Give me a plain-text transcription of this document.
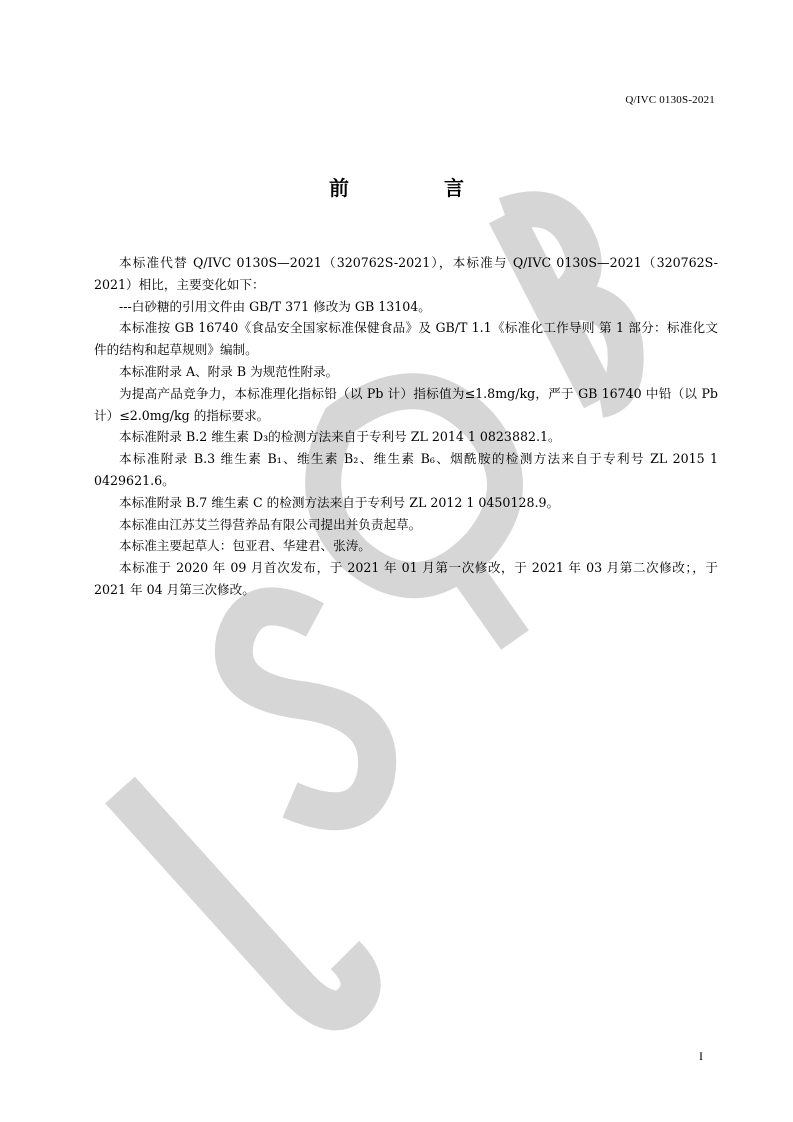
Q/IVC 0130S-2021
前 言

本标准代替 Q/IVC 0130S—2021（320762S-2021），本标准与 Q/IVC 0130S—2021（320762S-2021）相比，主要变化如下：

---白砂糖的引用文件由 GB/T 371 修改为 GB 13104。

本标准按 GB 16740《食品安全国家标准保健食品》及 GB/T 1.1《标准化工作导则 第 1 部分：标准化文件的结构和起草规则》编制。

本标准附录 A、附录 B 为规范性附录。

为提高产品竞争力，本标准理化指标铅（以 Pb 计）指标值为≤1.8mg/kg，严于 GB 16740 中铅（以 Pb 计）≤2.0mg/kg 的指标要求。

本标准附录 B.2 维生素 D₃的检测方法来自于专利号 ZL 2014 1 0823882.1。

本标准附录 B.3 维生素 B₁、维生素 B₂、维生素 B₆、烟酰胺的检测方法来自于专利号 ZL 2015 1 0429621.6。

本标准附录 B.7 维生素 C 的检测方法来自于专利号 ZL 2012 1 0450128.9。

本标准由江苏艾兰得营养品有限公司提出并负责起草。

本标准主要起草人：包亚君、华建君、张涛。

本标准于 2020 年 09 月首次发布，于 2021 年 01 月第一次修改，于 2021 年 03 月第二次修改；，于 2021 年 04 月第三次修改。

I
